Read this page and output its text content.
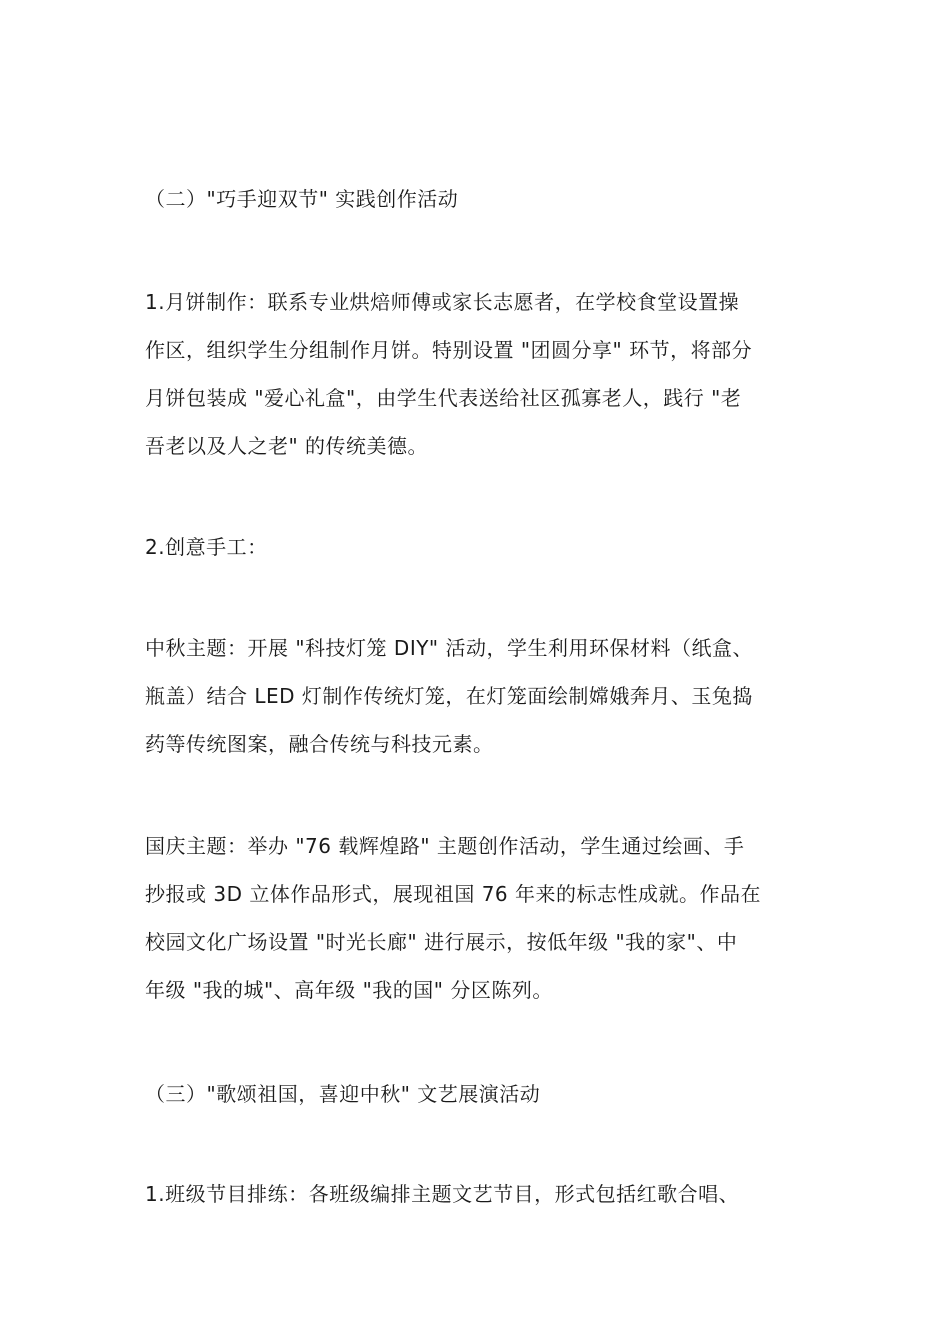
（二）"巧手迎双节" 实践创作活动

1.月饼制作：联系专业烘焙师傅或家长志愿者，在学校食堂设置操
作区，组织学生分组制作月饼。特别设置 "团圆分享" 环节，将部分
月饼包装成 "爱心礼盒"，由学生代表送给社区孤寡老人，践行 "老
吾老以及人之老" 的传统美德。

2.创意手工：

中秋主题：开展 "科技灯笼 DIY" 活动，学生利用环保材料（纸盒、
瓶盖）结合 LED 灯制作传统灯笼，在灯笼面绘制嫦娥奔月、玉兔捣
药等传统图案，融合传统与科技元素。

国庆主题：举办 "76 载辉煌路" 主题创作活动，学生通过绘画、手
抄报或 3D 立体作品形式，展现祖国 76 年来的标志性成就。作品在
校园文化广场设置 "时光长廊" 进行展示，按低年级 "我的家"、中
年级 "我的城"、高年级 "我的国" 分区陈列。

（三）"歌颂祖国，喜迎中秋" 文艺展演活动

1.班级节目排练：各班级编排主题文艺节目，形式包括红歌合唱、
